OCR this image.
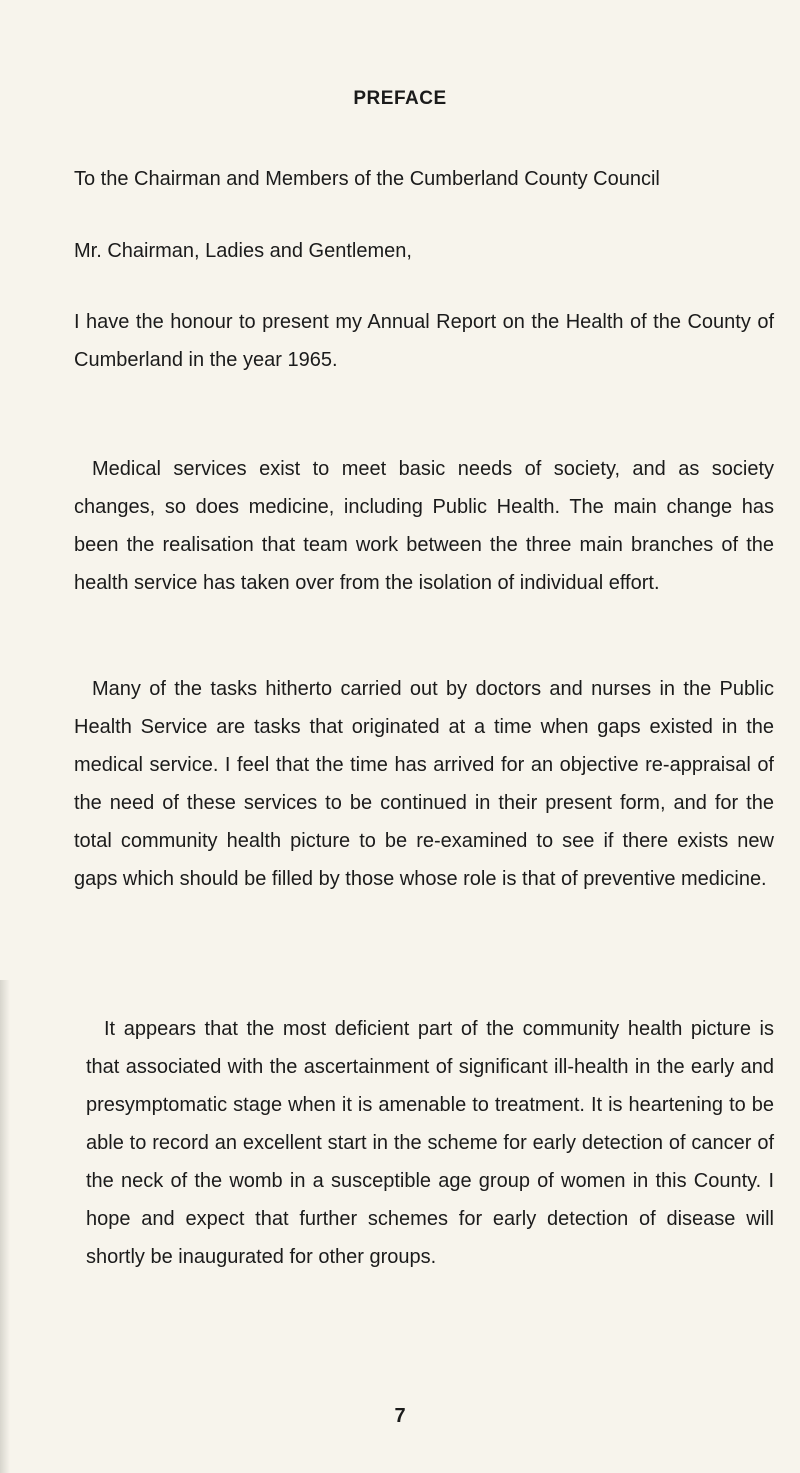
PREFACE
To the Chairman and Members of the Cumberland County Council
Mr. Chairman, Ladies and Gentlemen,

I have the honour to present my Annual Report on the Health of the County of Cumberland in the year 1965.

Medical services exist to meet basic needs of society, and as society changes, so does medicine, including Public Health. The main change has been the realisation that team work between the three main branches of the health service has taken over from the isolation of individual effort.

Many of the tasks hitherto carried out by doctors and nurses in the Public Health Service are tasks that originated at a time when gaps existed in the medical service. I feel that the time has arrived for an objective re-appraisal of the need of these services to be continued in their present form, and for the total community health picture to be re-examined to see if there exists new gaps which should be filled by those whose role is that of preventive medicine.

It appears that the most deficient part of the community health picture is that associated with the ascertainment of significant ill-health in the early and presymptomatic stage when it is amenable to treatment. It is heartening to be able to record an excellent start in the scheme for early detection of cancer of the neck of the womb in a susceptible age group of women in this County. I hope and expect that further schemes for early detection of disease will shortly be inaugurated for other groups.

7
